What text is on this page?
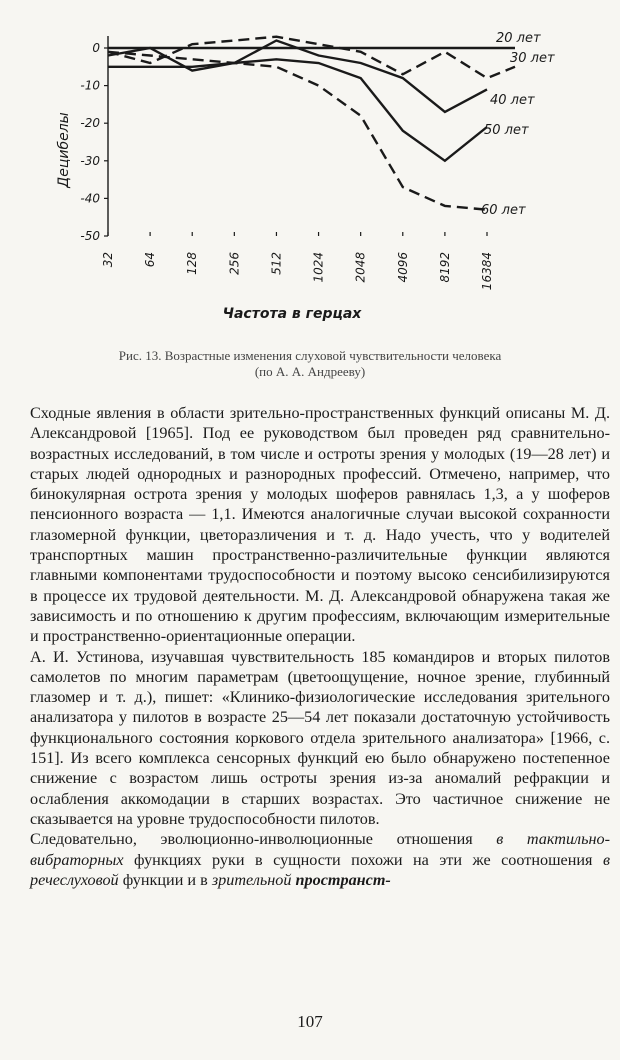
0
-10
-20
-30
-40
-50
32 64 128 256 512 1024 2048 4096 8192 16384
Децибелы
Частота в герцах
20 лет
30 лет
40 лет
50 лет
60 лет
Рис. 13. Возрастные изменения слуховой чувствительности человека
(по А. А. Андрееву)

Сходные явления в области зрительно-пространственных функций описаны М. Д. Александровой [1965]. Под ее руководством был проведен ряд сравнительно-возрастных исследований, в том числе и остроты зрения у молодых (19—28 лет) и старых людей однородных и разнородных профессий. Отмечено, например, что бинокулярная острота зрения у молодых шоферов равнялась 1,3, а у шоферов пенсионного возраста — 1,1. Имеются аналогичные случаи высокой сохранности глазомерной функции, цветоразличения и т. д. Надо учесть, что у водителей транспортных машин пространственно-различительные функции являются главными компонентами трудоспособности и поэтому высоко сенсибилизируются в процессе их трудовой деятельности. М. Д. Александровой обнаружена такая же зависимость и по отношению к другим профессиям, включающим измерительные и пространственно-ориентационные операции.

А. И. Устинова, изучавшая чувствительность 185 командиров и вторых пилотов самолетов по многим параметрам (цветоощущение, ночное зрение, глубинный глазомер и т. д.), пишет: «Клинико-физиологические исследования зрительного анализатора у пилотов в возрасте 25—54 лет показали достаточную устойчивость функционального состояния коркового отдела зрительного анализатора» [1966, с. 151]. Из всего комплекса сенсорных функций ею было обнаружено постепенное снижение с возрастом лишь остроты зрения из-за аномалий рефракции и ослабления аккомодации в старших возрастах. Это частичное снижение не сказывается на уровне трудоспособности пилотов.

Следовательно, эволюционно-инволюционные отношения в тактильно-вибраторных функциях руки в сущности похожи на эти же соотношения в речеслуховой функции и в зрительной пространст-

107
